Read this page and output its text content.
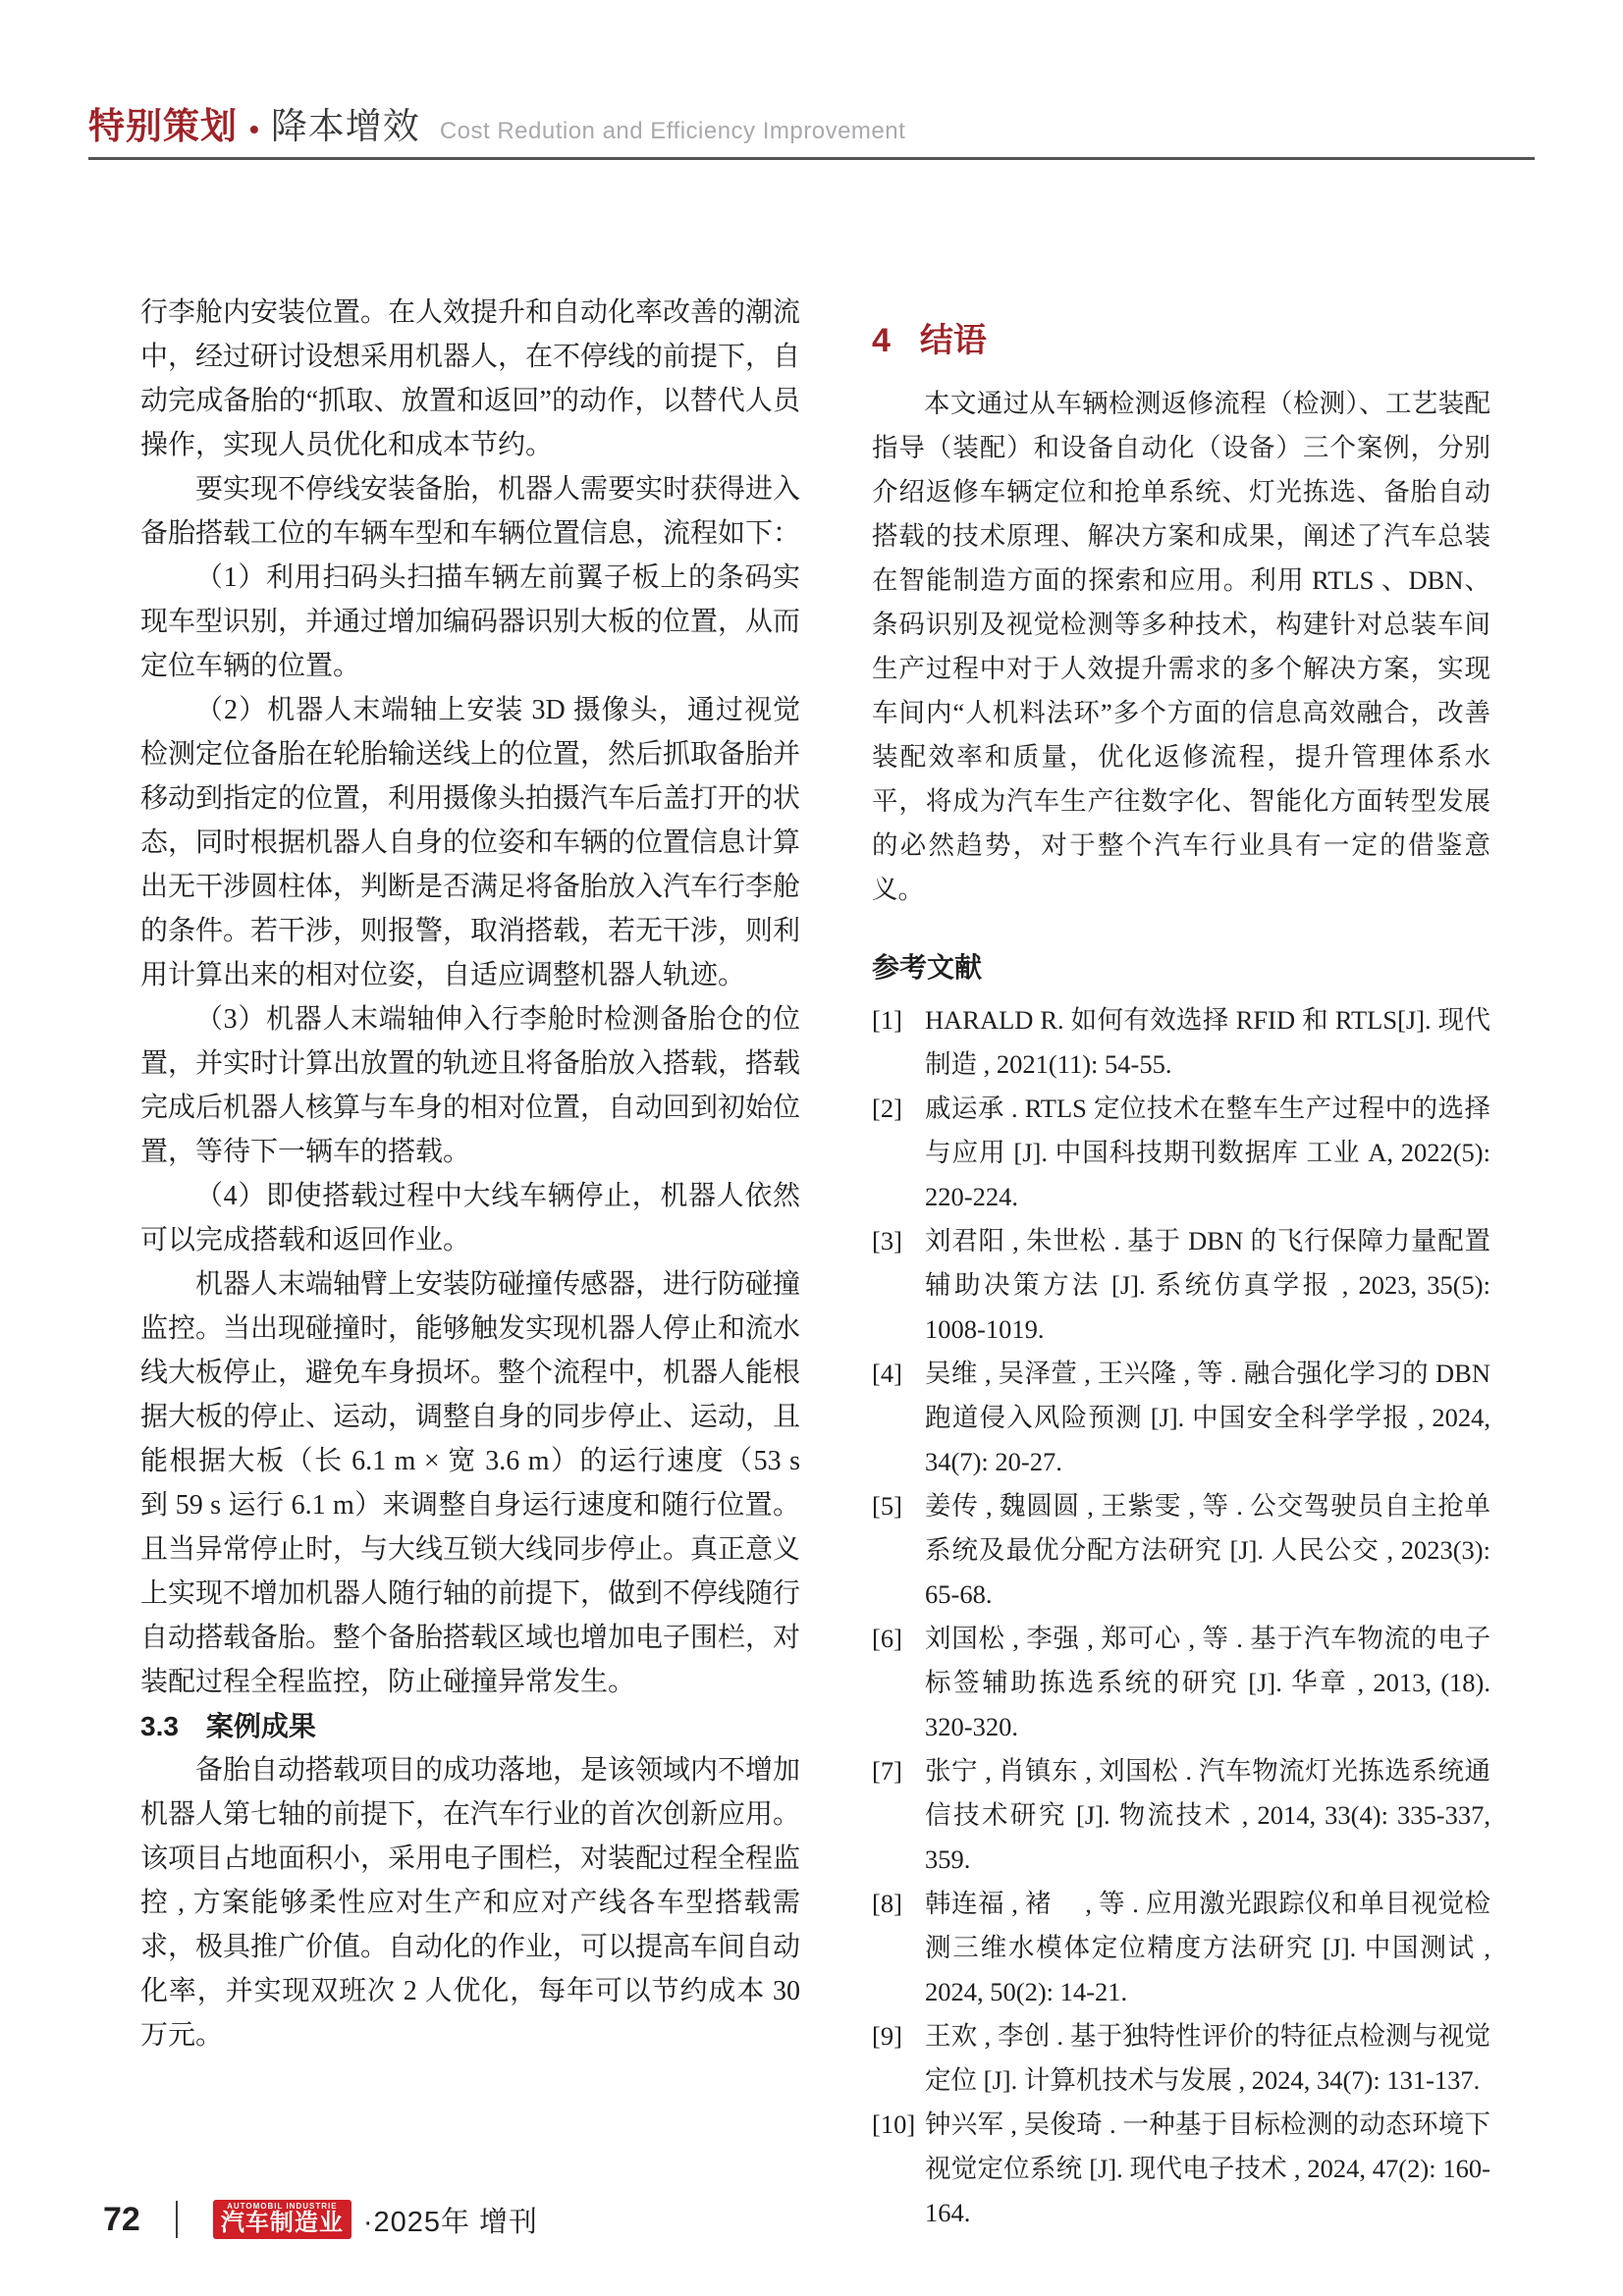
特别策划 • 降本增效 Cost Redution and Efficiency Improvement
行李舱内安装位置。在人效提升和自动化率改善的潮流中，经过研讨设想采用机器人，在不停线的前提下，自动完成备胎的“抓取、放置和返回”的动作，以替代人员操作，实现人员优化和成本节约。
要实现不停线安装备胎，机器人需要实时获得进入备胎搭载工位的车辆车型和车辆位置信息，流程如下：
（1）利用扫码头扫描车辆左前翼子板上的条码实现车型识别，并通过增加编码器识别大板的位置，从而定位车辆的位置。
（2）机器人末端轴上安装 3D 摄像头，通过视觉检测定位备胎在轮胎输送线上的位置，然后抓取备胎并移动到指定的位置，利用摄像头拍摄汽车后盖打开的状态，同时根据机器人自身的位姿和车辆的位置信息计算出无干涉圆柱体，判断是否满足将备胎放入汽车行李舱的条件。若干涉，则报警，取消搭载，若无干涉，则利用计算出来的相对位姿，自适应调整机器人轨迹。
（3）机器人末端轴伸入行李舱时检测备胎仓的位置，并实时计算出放置的轨迹且将备胎放入搭载，搭载完成后机器人核算与车身的相对位置，自动回到初始位置，等待下一辆车的搭载。
（4）即使搭载过程中大线车辆停止，机器人依然可以完成搭载和返回作业。
机器人末端轴臂上安装防碰撞传感器，进行防碰撞监控。当出现碰撞时，能够触发实现机器人停止和流水线大板停止，避免车身损坏。整个流程中，机器人能根据大板的停止、运动，调整自身的同步停止、运动，且能根据大板（长 6.1 m × 宽 3.6 m）的运行速度（53 s 到 59 s 运行 6.1 m）来调整自身运行速度和随行位置。且当异常停止时，与大线互锁大线同步停止。真正意义上实现不增加机器人随行轴的前提下，做到不停线随行自动搭载备胎。整个备胎搭载区域也增加电子围栏，对装配过程全程监控，防止碰撞异常发生。
3.3　案例成果
备胎自动搭载项目的成功落地，是该领域内不增加机器人第七轴的前提下，在汽车行业的首次创新应用。该项目占地面积小，采用电子围栏，对装配过程全程监控 , 方案能够柔性应对生产和应对产线各车型搭载需求，极具推广价值。自动化的作业，可以提高车间自动化率，并实现双班次 2 人优化，每年可以节约成本 30 万元。
4 结语
本文通过从车辆检测返修流程（检测）、工艺装配指导（装配）和设备自动化（设备）三个案例，分别介绍返修车辆定位和抢单系统、灯光拣选、备胎自动搭载的技术原理、解决方案和成果，阐述了汽车总装在智能制造方面的探索和应用。利用 RTLS 、DBN、条码识别及视觉检测等多种技术，构建针对总装车间生产过程中对于人效提升需求的多个解决方案，实现车间内“人机料法环”多个方面的信息高效融合，改善装配效率和质量，优化返修流程，提升管理体系水平，将成为汽车生产往数字化、智能化方面转型发展的必然趋势，对于整个汽车行业具有一定的借鉴意义。
参考文献
[1] HARALD R. 如何有效选择 RFID 和 RTLS[J]. 现代制造 , 2021(11): 54-55.
[2] 戚运承 . RTLS 定位技术在整车生产过程中的选择与应用 [J]. 中国科技期刊数据库 工业 A, 2022(5): 220-224.
[3] 刘君阳 , 朱世松 . 基于 DBN 的飞行保障力量配置辅助决策方法 [J]. 系统仿真学报 , 2023, 35(5): 1008-1019.
[4] 吴维 , 吴泽萱 , 王兴隆 , 等 . 融合强化学习的 DBN 跑道侵入风险预测 [J]. 中国安全科学学报 , 2024, 34(7): 20-27.
[5] 姜传 , 魏圆圆 , 王紫雯 , 等 . 公交驾驶员自主抢单系统及最优分配方法研究 [J]. 人民公交 , 2023(3): 65-68.
[6] 刘国松 , 李强 , 郑可心 , 等 . 基于汽车物流的电子标签辅助拣选系统的研究 [J]. 华章 , 2013, (18). 320-320.
[7] 张宁 , 肖镇东 , 刘国松 . 汽车物流灯光拣选系统通信技术研究 [J]. 物流技术 , 2014, 33(4): 335-337, 359.
[8] 韩连福 , 褚　 , 等 . 应用激光跟踪仪和单目视觉检测三维水模体定位精度方法研究 [J]. 中国测试 , 2024, 50(2): 14-21.
[9] 王欢 , 李创 . 基于独特性评价的特征点检测与视觉定位 [J]. 计算机技术与发展 , 2024, 34(7): 131-137.
[10] 钟兴军 , 吴俊琦 . 一种基于目标检测的动态环境下视觉定位系统 [J]. 现代电子技术 , 2024, 47(2): 160-164.
72	AUTOMOBIL INDUSTRIE
汽车制造业 ·2025年 增刊
